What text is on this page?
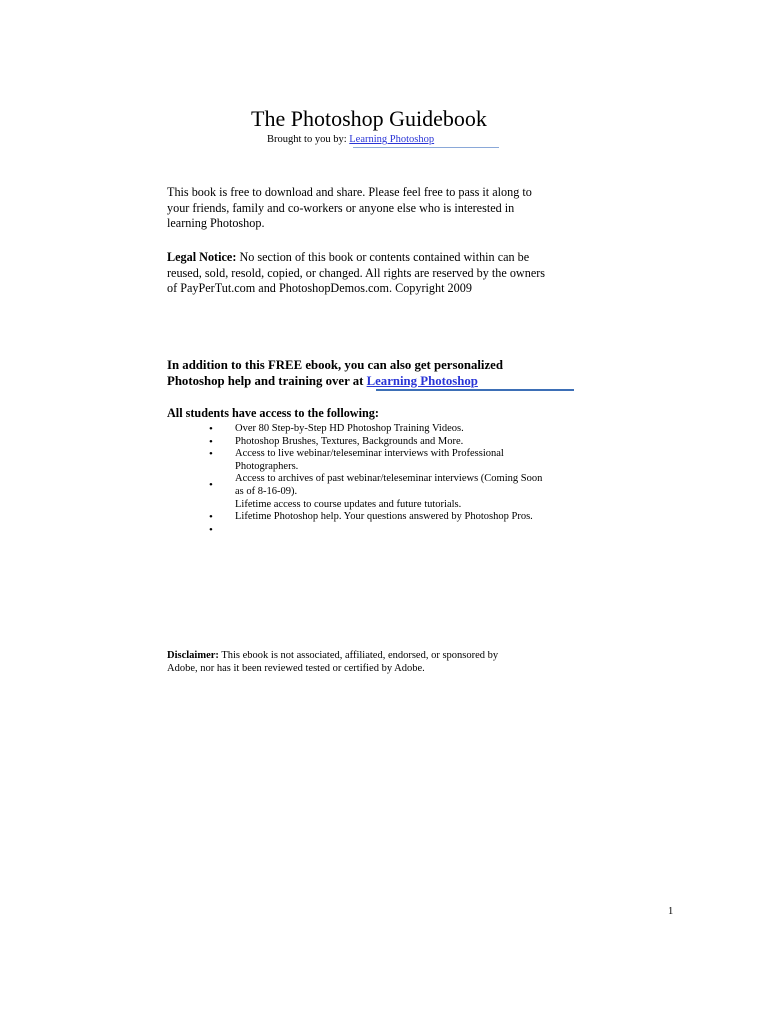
The Photoshop Guidebook
Brought to you by: Learning Photoshop
This book is free to download and share. Please feel free to pass it along to your friends, family and co-workers or anyone else who is interested in learning Photoshop.
Legal Notice: No section of this book or contents contained within can be reused, sold, resold, copied, or changed. All rights are reserved by the owners of PayPerTut.com and PhotoshopDemos.com. Copyright 2009
In addition to this FREE ebook, you can also get personalized
Photoshop help and training over at Learning Photoshop
All students have access to the following:
• Over 80 Step-by-Step HD Photoshop Training Videos.
• Photoshop Brushes, Textures, Backgrounds and More.
• Access to live webinar/teleseminar interviews with Professional Photographers.
•
Access to archives of past webinar/teleseminar interviews (Coming Soon as of 8-16-09).
Lifetime access to course updates and future tutorials.
• Lifetime Photoshop help. Your questions answered by Photoshop Pros.
•
Disclaimer: This ebook is not associated, affiliated, endorsed, or sponsored by Adobe, nor has it been reviewed tested or certified by Adobe.
1
